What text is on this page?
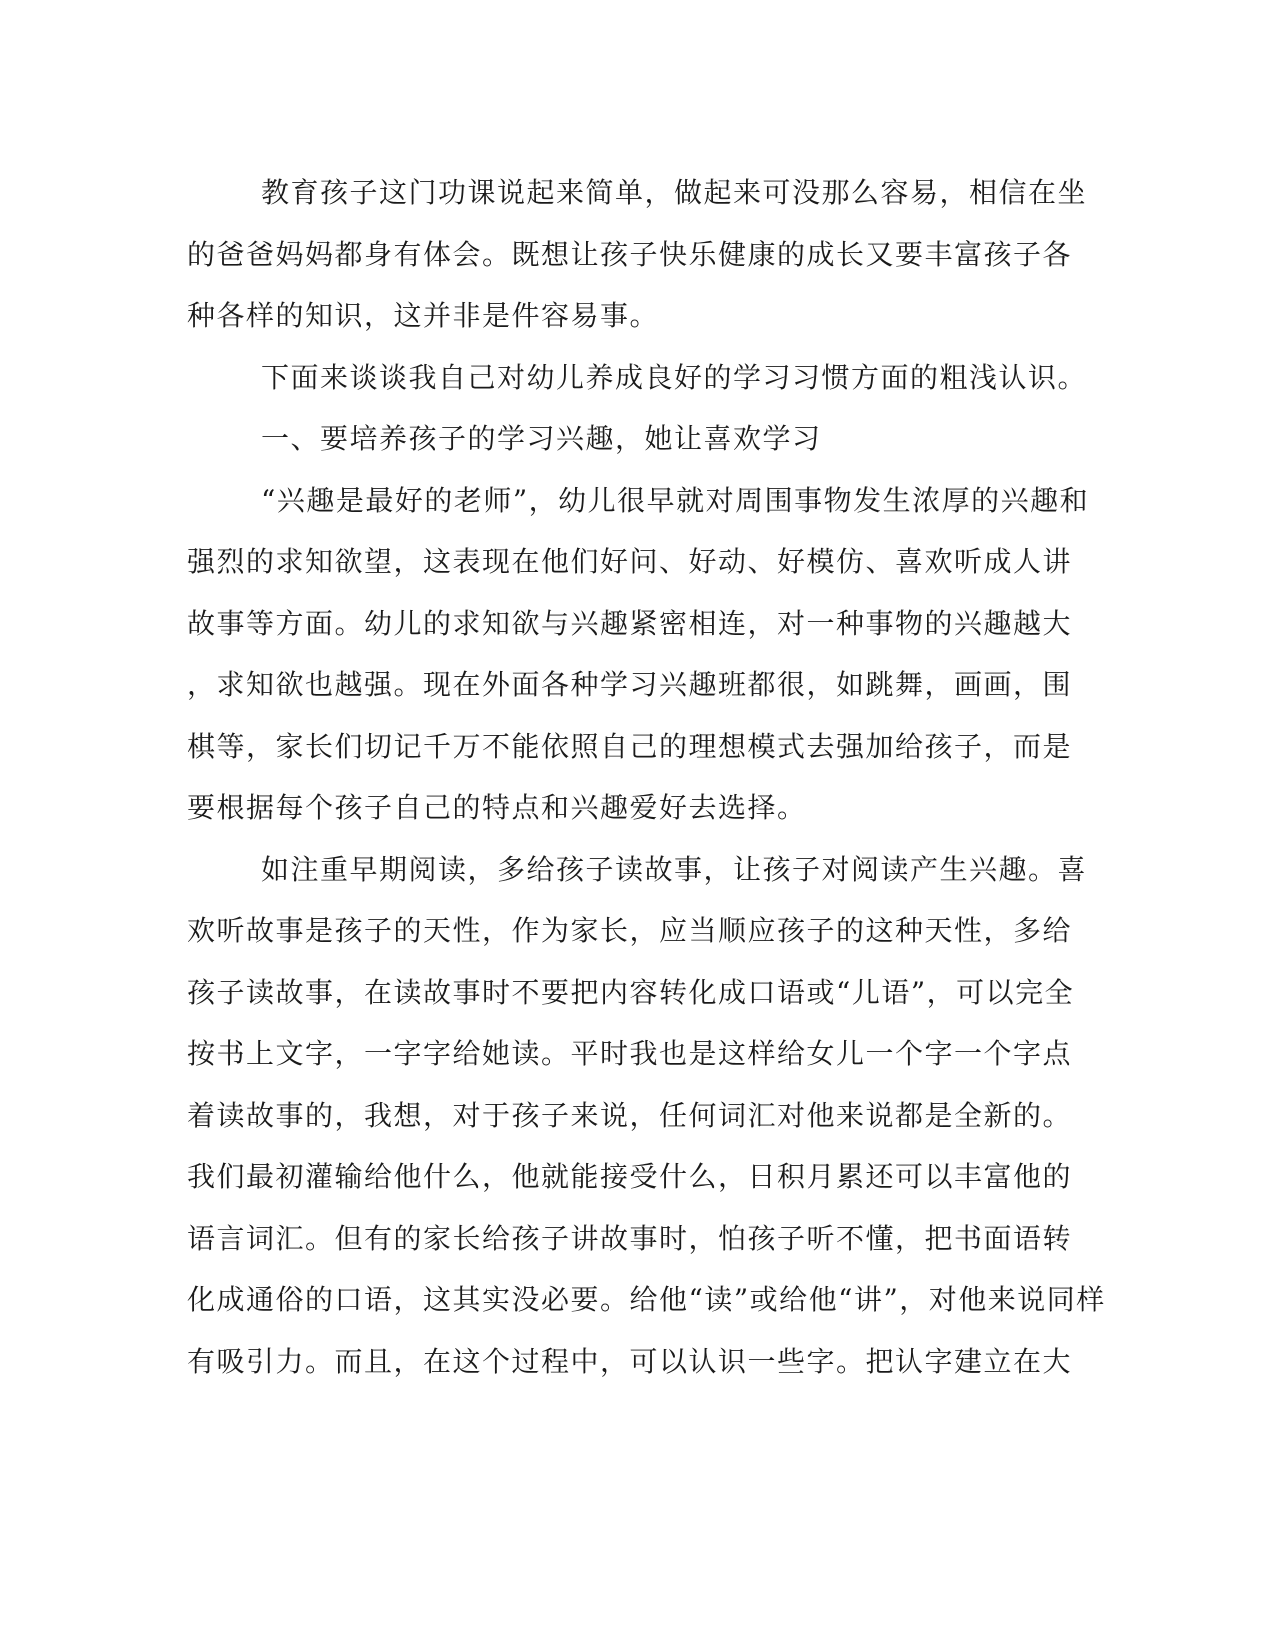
教育孩子这门功课说起来简单，做起来可没那么容易，相信在坐
的爸爸妈妈都身有体会。既想让孩子快乐健康的成长又要丰富孩子各
种各样的知识，这并非是件容易事。
下面来谈谈我自己对幼儿养成良好的学习习惯方面的粗浅认识。
一、要培养孩子的学习兴趣，她让喜欢学习
“兴趣是最好的老师”，幼儿很早就对周围事物发生浓厚的兴趣和
强烈的求知欲望，这表现在他们好问、好动、好模仿、喜欢听成人讲
故事等方面。幼儿的求知欲与兴趣紧密相连，对一种事物的兴趣越大
，求知欲也越强。现在外面各种学习兴趣班都很，如跳舞，画画，围
棋等，家长们切记千万不能依照自己的理想模式去强加给孩子，而是
要根据每个孩子自己的特点和兴趣爱好去选择。
如注重早期阅读，多给孩子读故事，让孩子对阅读产生兴趣。喜
欢听故事是孩子的天性，作为家长，应当顺应孩子的这种天性，多给
孩子读故事，在读故事时不要把内容转化成口语或“儿语”，可以完全
按书上文字，一字字给她读。平时我也是这样给女儿一个字一个字点
着读故事的，我想，对于孩子来说，任何词汇对他来说都是全新的。
我们最初灌输给他什么，他就能接受什么，日积月累还可以丰富他的
语言词汇。但有的家长给孩子讲故事时，怕孩子听不懂，把书面语转
化成通俗的口语，这其实没必要。给他“读”或给他“讲”，对他来说同样
有吸引力。而且，在这个过程中，可以认识一些字。把认字建立在大
